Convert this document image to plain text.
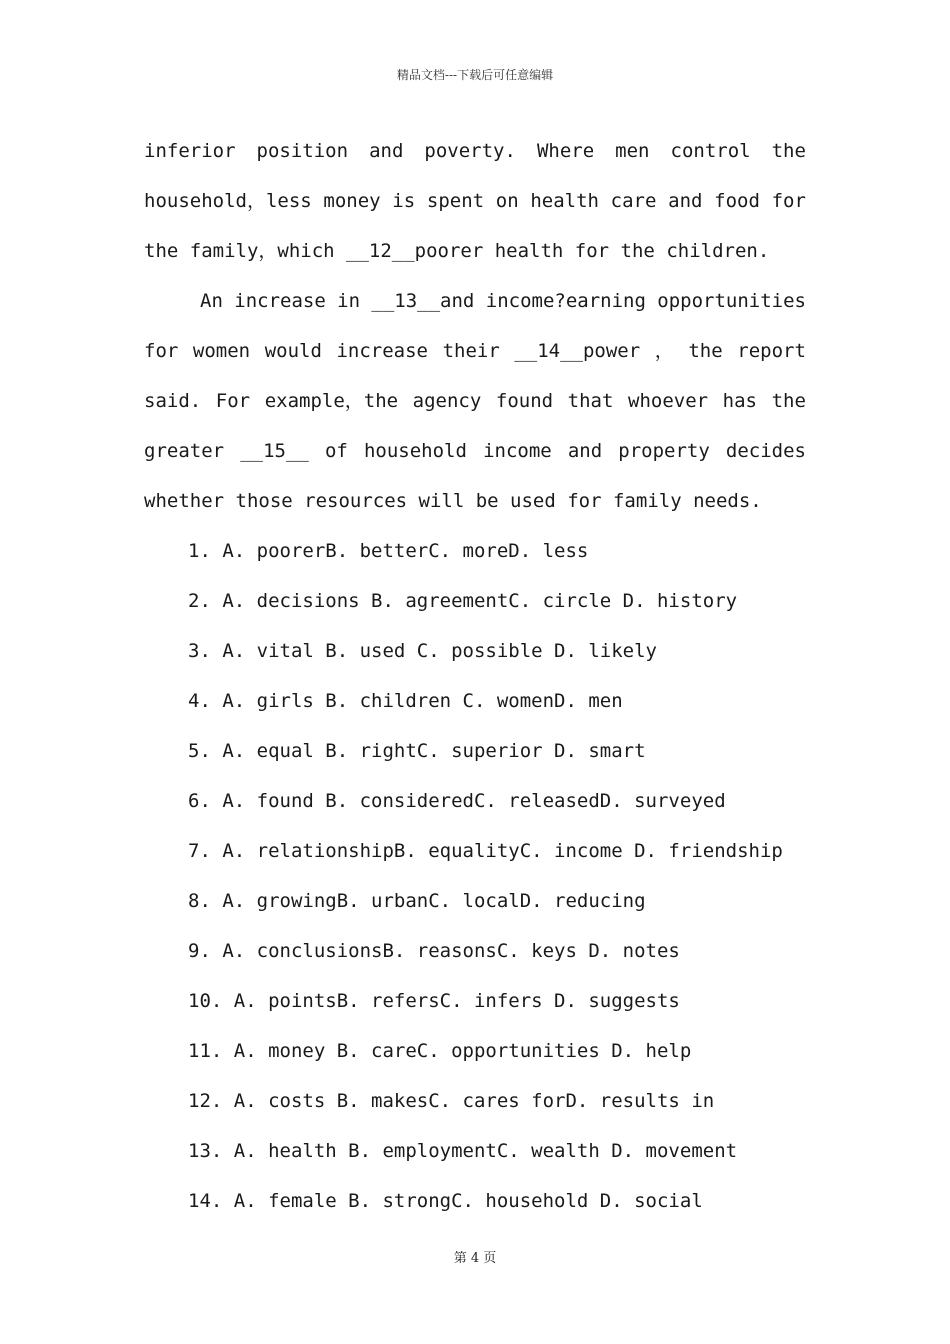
精品文档---下载后可任意编辑
inferior position and poverty. Where men control the
household，less money is spent on health care and food for
the family，which __12__poorer health for the children.
An increase in __13__and income?earning opportunities
for women would increase their __14__power ， the report
said. For example，the agency found that whoever has the
greater __15__ of household income and property decides
whether those resources will be used for family needs.
1. A. poorerB. betterC. moreD. less
2. A. decisions B. agreementC. circle D. history
3. A. vital B. used C. possible D. likely
4. A. girls B. children C. womenD. men
5. A. equal B. rightC. superior D. smart
6. A. found B. consideredC. releasedD. surveyed
7. A. relationshipB. equalityC. income D. friendship
8. A. growingB. urbanC. localD. reducing
9. A. conclusionsB. reasonsC. keys D. notes
10. A. pointsB. refersC. infers D. suggests
11. A. money B. careC. opportunities D. help
12. A. costs B. makesC. cares forD. results in
13. A. health B. employmentC. wealth D. movement
14. A. female B. strongC. household D. social
第 4 页
